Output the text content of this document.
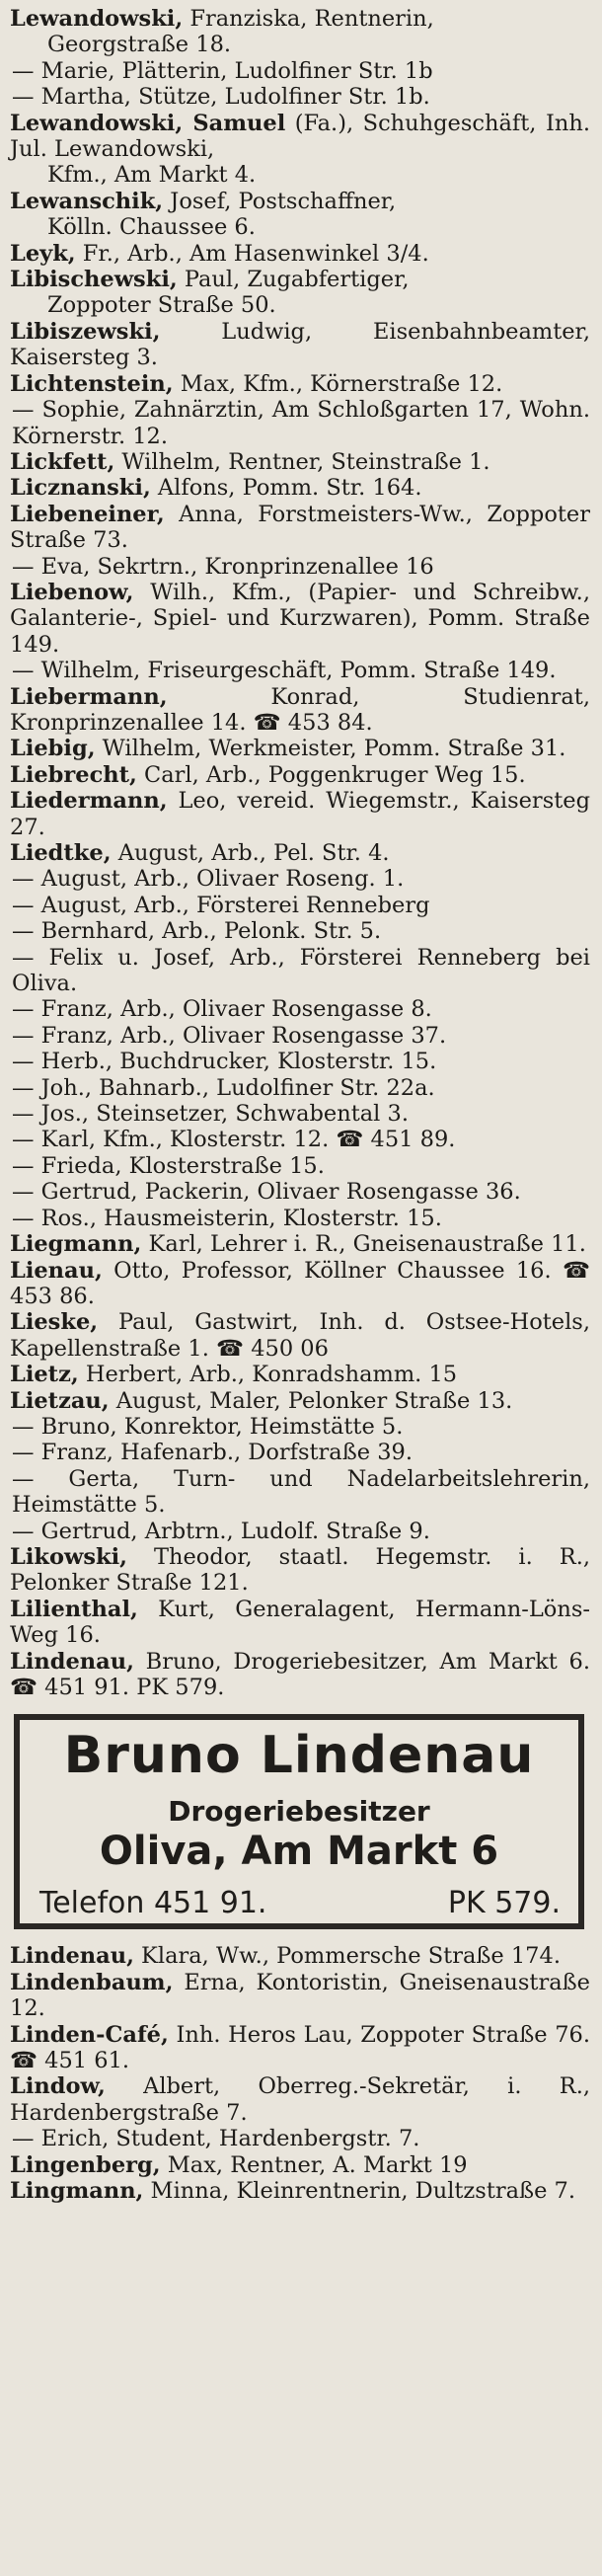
Lewandowski, Franziska, Rentnerin,
Georgstraße 18.

— Marie, Plätterin, Ludolfiner Str. 1b

— Martha, Stütze, Ludolfiner Str. 1b.

Lewandowski, Samuel (Fa.), Schuhgeschäft, Inh. Jul. Lewandowski,
Kfm., Am Markt 4.

Lewanschik, Josef, Postschaffner,
Kölln. Chaussee 6.

Leyk, Fr., Arb., Am Hasenwinkel 3/4.

Libischewski, Paul, Zugabfertiger,
Zoppoter Straße 50.

Libiszewski, Ludwig, Eisenbahnbeamter, Kaisersteg 3.

Lichtenstein, Max, Kfm., Körnerstraße 12.

— Sophie, Zahnärztin, Am Schloßgarten 17, Wohn. Körnerstr. 12.

Lickfett, Wilhelm, Rentner, Steinstraße 1.

Licznanski, Alfons, Pomm. Str. 164.

Liebeneiner, Anna, Forstmeisters-Ww., Zoppoter Straße 73.

— Eva, Sekrtrn., Kronprinzenallee 16

Liebenow, Wilh., Kfm., (Papier- und Schreibw., Galanterie-, Spiel- und Kurzwaren), Pomm. Straße 149.

— Wilhelm, Friseurgeschäft, Pomm. Straße 149.

Liebermann, Konrad, Studienrat, Kronprinzenallee 14. ☎ 453 84.

Liebig, Wilhelm, Werkmeister, Pomm. Straße 31.

Liebrecht, Carl, Arb., Poggenkruger Weg 15.

Liedermann, Leo, vereid. Wiegemstr., Kaisersteg 27.

Liedtke, August, Arb., Pel. Str. 4.

— August, Arb., Olivaer Roseng. 1.

— August, Arb., Försterei Renneberg

— Bernhard, Arb., Pelonk. Str. 5.

— Felix u. Josef, Arb., Försterei Renneberg bei Oliva.

— Franz, Arb., Olivaer Rosengasse 8.

— Franz, Arb., Olivaer Rosengasse 37.

— Herb., Buchdrucker, Klosterstr. 15.

— Joh., Bahnarb., Ludolfiner Str. 22a.

— Jos., Steinsetzer, Schwabental 3.

— Karl, Kfm., Klosterstr. 12. ☎ 451 89.

— Frieda, Klosterstraße 15.

— Gertrud, Packerin, Olivaer Rosengasse 36.

— Ros., Hausmeisterin, Klosterstr. 15.

Liegmann, Karl, Lehrer i. R., Gneisenaustraße 11.

Lienau, Otto, Professor, Köllner Chaussee 16. ☎ 453 86.

Lieske, Paul, Gastwirt, Inh. d. Ostsee-Hotels, Kapellenstraße 1. ☎ 450 06

Lietz, Herbert, Arb., Konradshamm. 15

Lietzau, August, Maler, Pelonker Straße 13.

— Bruno, Konrektor, Heimstätte 5.

— Franz, Hafenarb., Dorfstraße 39.

— Gerta, Turn- und Nadelarbeitslehrerin, Heimstätte 5.

— Gertrud, Arbtrn., Ludolf. Straße 9.

Likowski, Theodor, staatl. Hegemstr. i. R., Pelonker Straße 121.

Lilienthal, Kurt, Generalagent, Hermann-Löns-Weg 16.

Lindenau, Bruno, Drogeriebesitzer, Am Markt 6. ☎ 451 91. PK 579.

Bruno Lindenau
Drogeriebesitzer
Oliva, Am Markt 6
Telefon 451 91.	PK 579.

Lindenau, Klara, Ww., Pommersche Straße 174.

Lindenbaum, Erna, Kontoristin, Gneisenaustraße 12.

Linden-Café, Inh. Heros Lau, Zoppoter Straße 76. ☎ 451 61.

Lindow, Albert, Oberreg.-Sekretär, i. R., Hardenbergstraße 7.

— Erich, Student, Hardenbergstr. 7.

Lingenberg, Max, Rentner, A. Markt 19

Lingmann, Minna, Kleinrentnerin, Dultzstraße 7.
